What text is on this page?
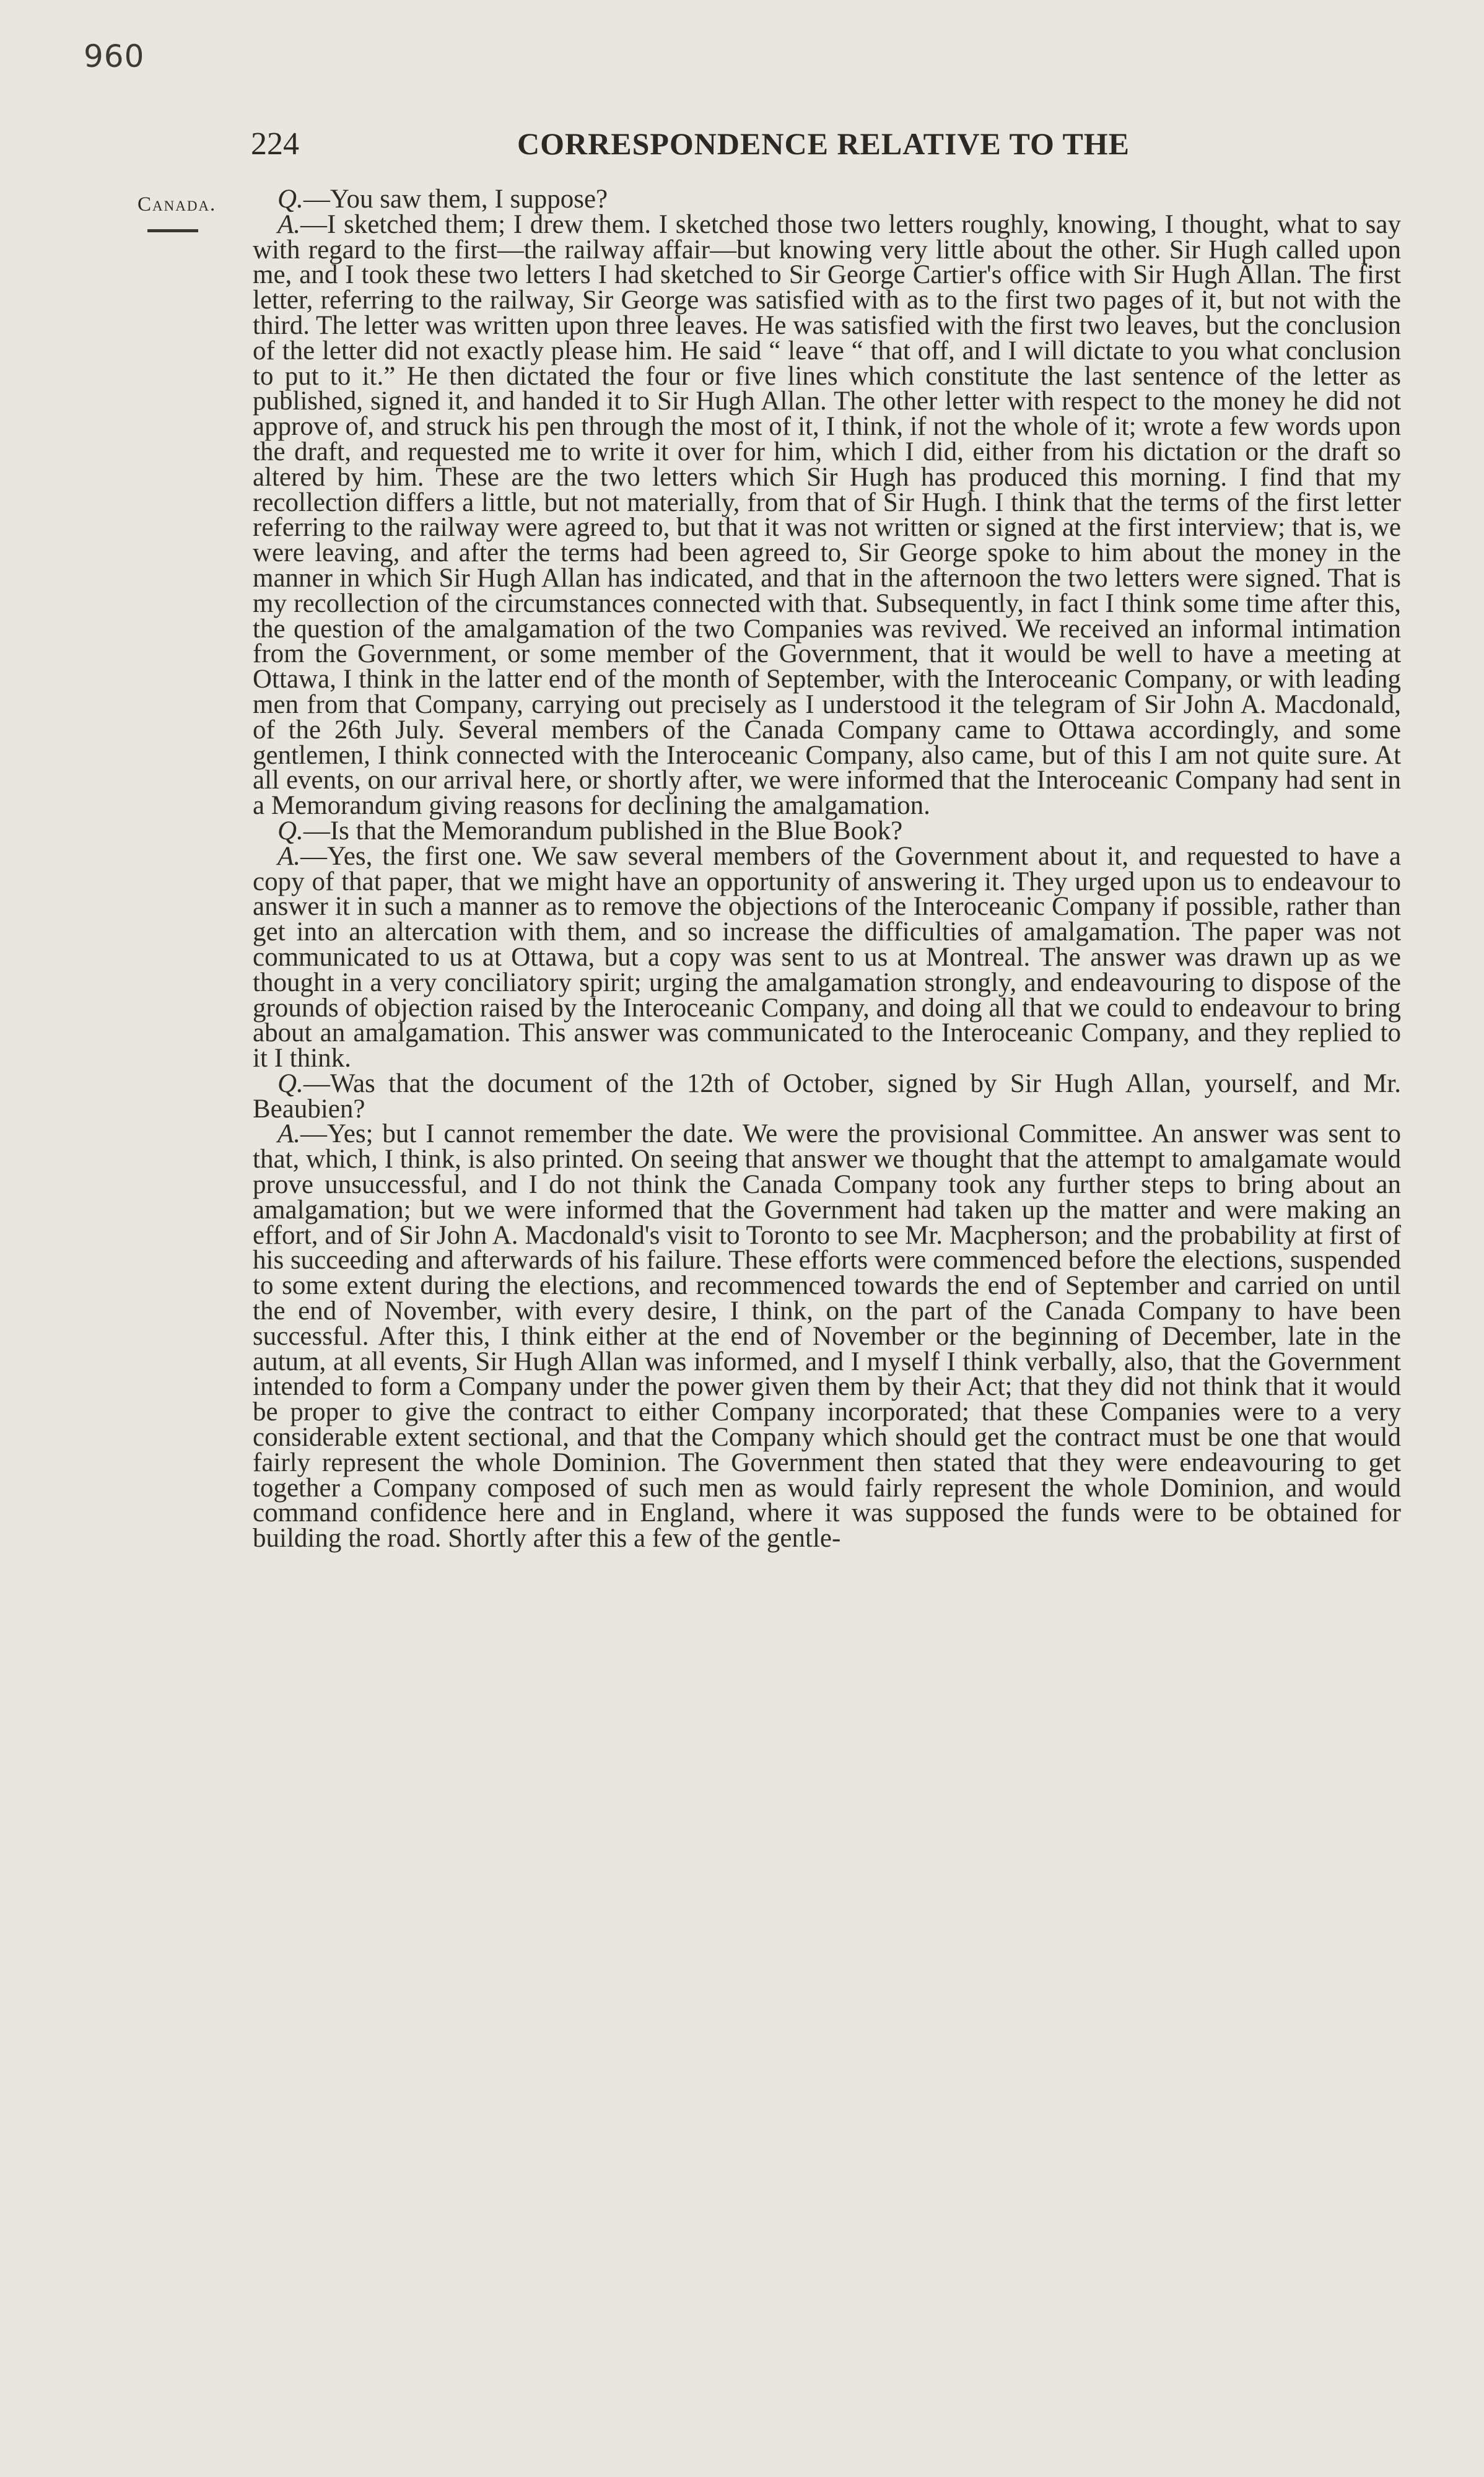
960
224	CORRESPONDENCE RELATIVE TO THE
Canada.	Q.—You saw them, I suppose?

A.—I sketched them; I drew them. I sketched those two letters roughly, knowing, I thought, what to say with regard to the first—the railway affair—but knowing very little about the other. Sir Hugh called upon me, and I took these two letters I had sketched to Sir George Cartier's office with Sir Hugh Allan. The first letter, referring to the railway, Sir George was satisfied with as to the first two pages of it, but not with the third. The letter was written upon three leaves. He was satisfied with the first two leaves, but the conclusion of the letter did not exactly please him. He said “ leave “ that off, and I will dictate to you what conclusion to put to it.” He then dictated the four or five lines which constitute the last sentence of the letter as published, signed it, and handed it to Sir Hugh Allan. The other letter with respect to the money he did not approve of, and struck his pen through the most of it, I think, if not the whole of it; wrote a few words upon the draft, and requested me to write it over for him, which I did, either from his dictation or the draft so altered by him. These are the two letters which Sir Hugh has produced this morning. I find that my recollection differs a little, but not materially, from that of Sir Hugh. I think that the terms of the first letter referring to the railway were agreed to, but that it was not written or signed at the first interview; that is, we were leaving, and after the terms had been agreed to, Sir George spoke to him about the money in the manner in which Sir Hugh Allan has indicated, and that in the afternoon the two letters were signed. That is my recollection of the circumstances connected with that. Subsequently, in fact I think some time after this, the question of the amalgamation of the two Companies was revived. We received an informal intimation from the Government, or some member of the Government, that it would be well to have a meeting at Ottawa, I think in the latter end of the month of September, with the Interoceanic Company, or with leading men from that Company, carrying out precisely as I understood it the telegram of Sir John A. Macdonald, of the 26th July. Several members of the Canada Company came to Ottawa accordingly, and some gentlemen, I think connected with the Interoceanic Company, also came, but of this I am not quite sure. At all events, on our arrival here, or shortly after, we were informed that the Interoceanic Company had sent in a Memorandum giving reasons for declining the amalgamation.

Q.—Is that the Memorandum published in the Blue Book?

A.—Yes, the first one. We saw several members of the Government about it, and requested to have a copy of that paper, that we might have an opportunity of answering it. They urged upon us to endeavour to answer it in such a manner as to remove the objections of the Interoceanic Company if possible, rather than get into an altercation with them, and so increase the difficulties of amalgamation. The paper was not communicated to us at Ottawa, but a copy was sent to us at Montreal. The answer was drawn up as we thought in a very conciliatory spirit; urging the amalgamation strongly, and endeavouring to dispose of the grounds of objection raised by the Interoceanic Company, and doing all that we could to endeavour to bring about an amalgamation. This answer was communicated to the Interoceanic Company, and they replied to it I think.

Q.—Was that the document of the 12th of October, signed by Sir Hugh Allan, yourself, and Mr. Beaubien?

A.—Yes; but I cannot remember the date. We were the provisional Committee. An answer was sent to that, which, I think, is also printed. On seeing that answer we thought that the attempt to amalgamate would prove unsuccessful, and I do not think the Canada Company took any further steps to bring about an amalgamation; but we were informed that the Government had taken up the matter and were making an effort, and of Sir John A. Macdonald's visit to Toronto to see Mr. Macpherson; and the probability at first of his succeeding and afterwards of his failure. These efforts were commenced before the elections, suspended to some extent during the elections, and recommenced towards the end of September and carried on until the end of November, with every desire, I think, on the part of the Canada Company to have been successful. After this, I think either at the end of November or the beginning of December, late in the autum, at all events, Sir Hugh Allan was informed, and I myself I think verbally, also, that the Government intended to form a Company under the power given them by their Act; that they did not think that it would be proper to give the contract to either Company incorporated; that these Companies were to a very considerable extent sectional, and that the Company which should get the contract must be one that would fairly represent the whole Dominion. The Government then stated that they were endeavouring to get together a Company composed of such men as would fairly represent the whole Dominion, and would command confidence here and in England, where it was supposed the funds were to be obtained for building the road. Shortly after this a few of the gentle-
